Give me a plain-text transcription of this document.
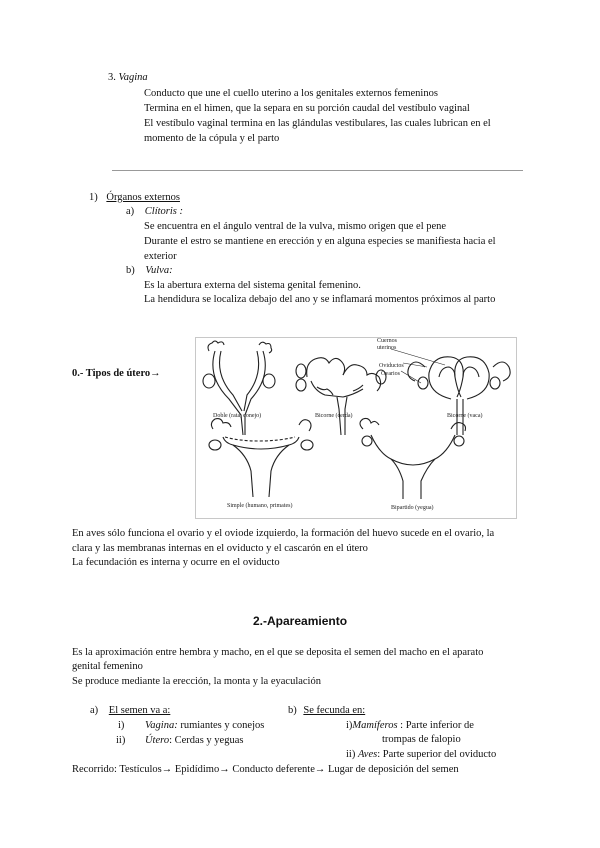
3. Vagina
Conducto que une el cuello uterino a los genitales externos femeninos
Termina en el himen, que la separa en su porción caudal del vestíbulo vaginal
El vestíbulo vaginal termina en las glándulas vestibulares, las cuales lubrican en el
momento de la cópula y el parto
1) Órganos externos
a) Clítoris :
Se encuentra en el ángulo ventral de la vulva, mismo origen que el pene
Durante el estro se mantiene en erección y en alguna especies se manifiesta hacia el
exterior
b) Vulva:
Es la abertura externa del sistema genital femenino.
La hendidura se localiza debajo del ano y se inflamará momentos próximos al parto
0.- Tipos de útero→
Cuernos
uterinos
Oviductos
Ovarios
Doble (rata, conejo)	Bicorne (cerda)	Bicorne (vaca)
Simple (humano, primates)	Bipartido (yegua)
En aves sólo funciona el ovario y el oviode izquierdo, la formación del huevo sucede en el ovario, la
clara y las membranas internas en el oviducto y el cascarón en el útero
La fecundación es interna y ocurre en el oviducto
2.-Apareamiento
Es la aproximación entre hembra y macho, en el que se deposita el semen del macho en el aparato
genital femenino
Se produce mediante la erección, la monta y la eyaculación
a) El semen va a:
i) Vagina: rumiantes y conejos
ii) Útero: Cerdas y yeguas
b) Se fecunda en:
i)Mamíferos : Parte inferior de
trompas de falopio
ii) Aves: Parte superior del oviducto
Recorrido: Testículos→ Epidídimo→ Conducto deferente→ Lugar de deposición del semen
